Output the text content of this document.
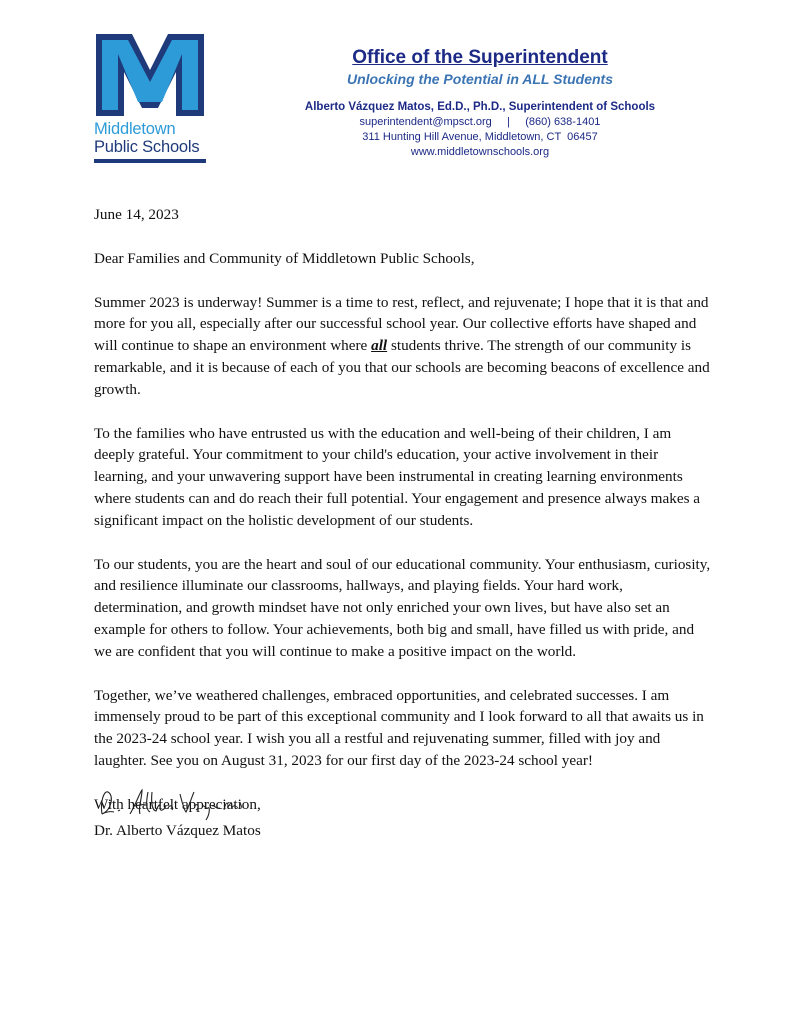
Middletown
Public Schools
Office of the Superintendent
Unlocking the Potential in ALL Students
Alberto Vázquez Matos, Ed.D., Ph.D., Superintendent of Schools
superintendent@mpsct.org     |     (860) 638-1401
311 Hunting Hill Avenue, Middletown, CT  06457
www.middletownschools.org

June 14, 2023

Dear Families and Community of Middletown Public Schools,

Summer 2023 is underway! Summer is a time to rest, reflect, and rejuvenate; I hope that it is that and more for you all, especially after our successful school year. Our collective efforts have shaped and will continue to shape an environment where all students thrive. The strength of our community is remarkable, and it is because of each of you that our schools are becoming beacons of excellence and growth.

To the families who have entrusted us with the education and well-being of their children, I am deeply grateful. Your commitment to your child's education, your active involvement in their learning, and your unwavering support have been instrumental in creating learning environments where students can and do reach their full potential. Your engagement and presence always makes a significant impact on the holistic development of our students.

To our students, you are the heart and soul of our educational community. Your enthusiasm, curiosity, and resilience illuminate our classrooms, hallways, and playing fields. Your hard work, determination, and growth mindset have not only enriched your own lives, but have also set an example for others to follow. Your achievements, both big and small, have filled us with pride, and we are confident that you will continue to make a positive impact on the world.

Together, we’ve weathered challenges, embraced opportunities, and celebrated successes. I am immensely proud to be part of this exceptional community and I look forward to all that awaits us in the 2023-24 school year. I wish you all a restful and rejuvenating summer, filled with joy and laughter. See you on August 31, 2023 for our first day of the 2023-24 school year!

With heartfelt appreciation,

Dr. Alberto Vázquez Matos
